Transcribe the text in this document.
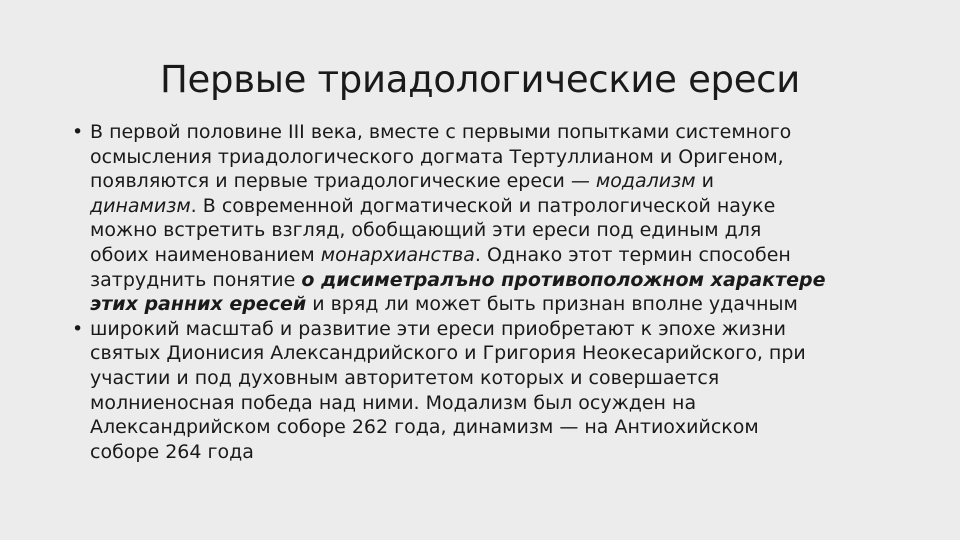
Первые триадологические ереси
• В первой половине III века, вместе с первыми попытками системного
осмысления триадологического догмата Тертуллианом и Оригеном,
появляются и первые триадологические ереси — модализм и
динамизм. В современной догматической и патрологической науке
можно встретить взгляд, обобщающий эти ереси под единым для
обоих наименованием монархианства. Однако этот термин способен
затруднить понятие о дисиметралъно противоположном характере
этих ранних ересей и вряд ли может быть признан вполне удачным
• широкий масштаб и развитие эти ереси приобретают к эпохе жизни
святых Дионисия Александрийского и Григория Неокесарийского, при
участии и под духовным авторитетом которых и совершается
молниеносная победа над ними. Модализм был осужден на
Александрийском соборе 262 года, динамизм — на Антиохийском
соборе 264 года
